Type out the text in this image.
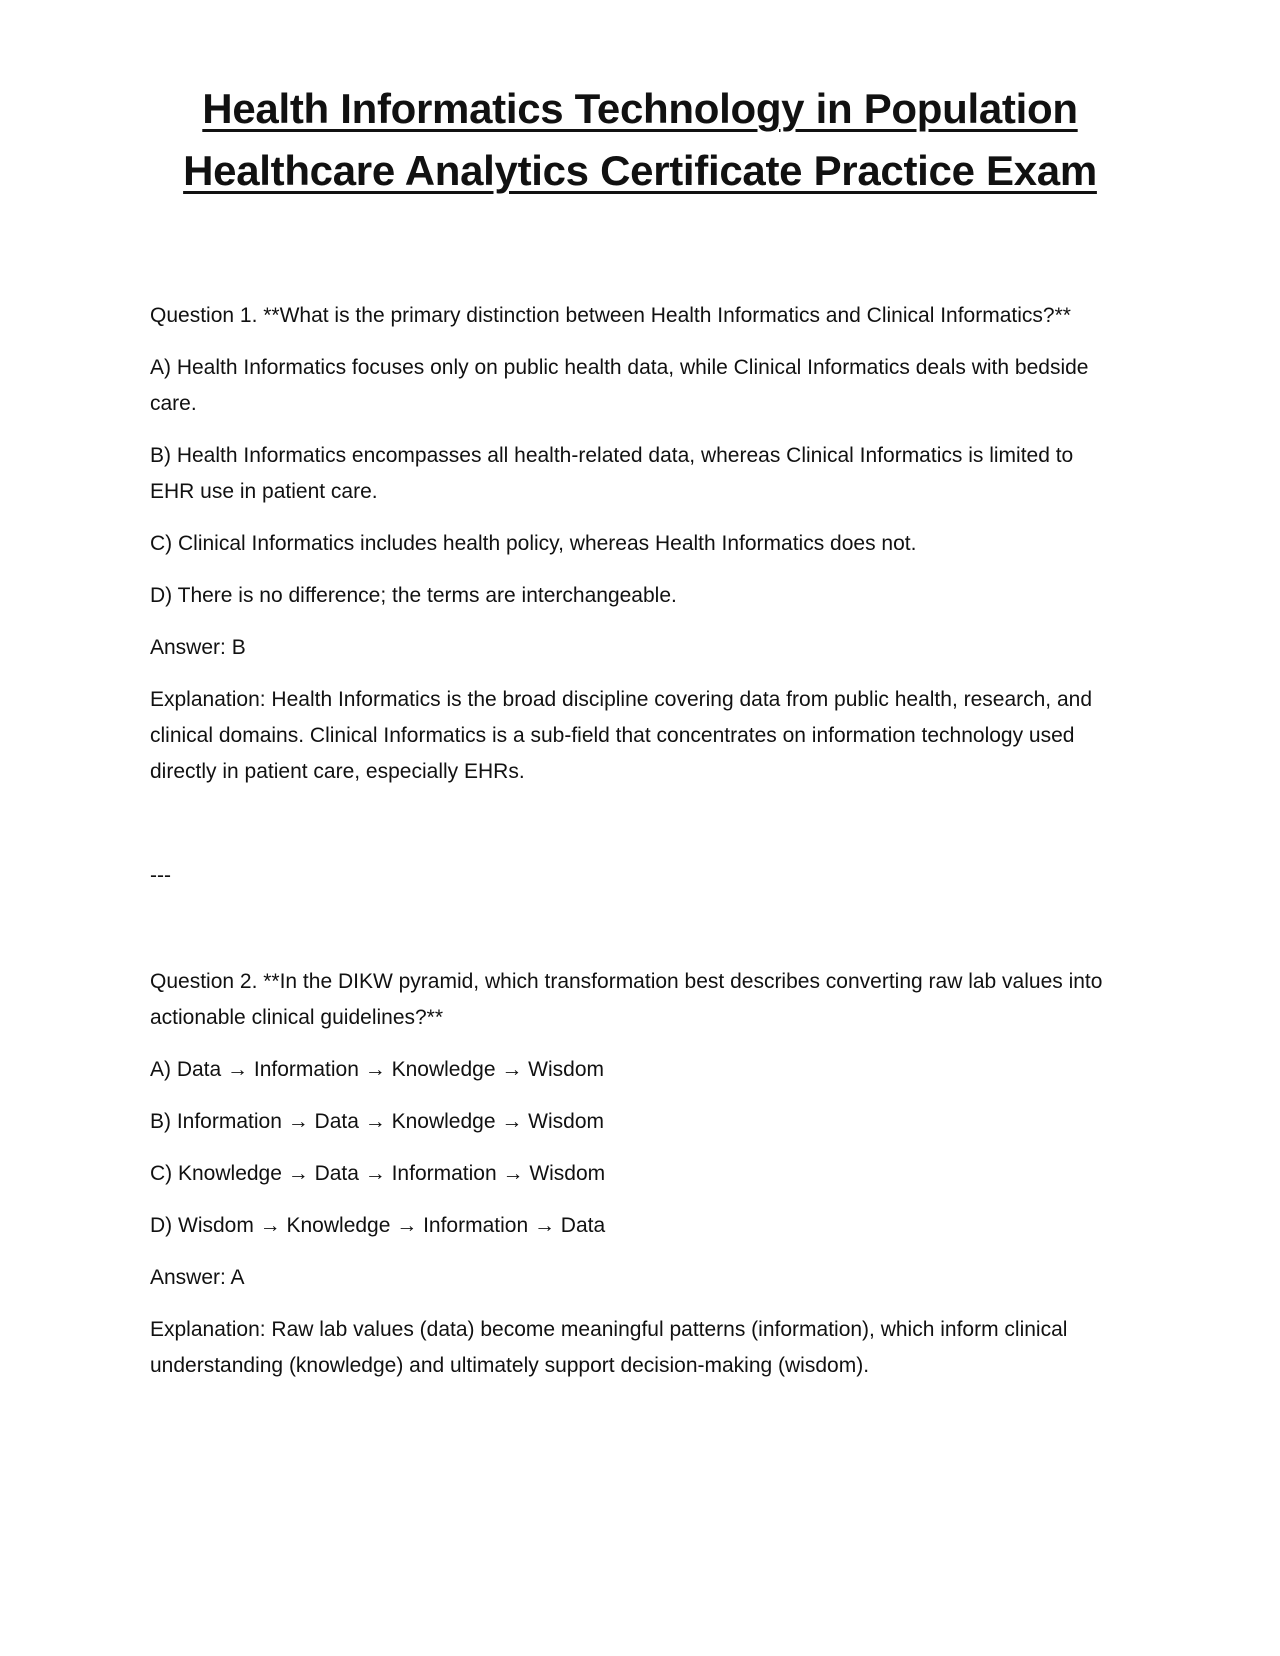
Health Informatics Technology in Population
Healthcare Analytics Certificate Practice Exam

Question 1. **What is the primary distinction between Health Informatics and Clinical Informatics?**

A) Health Informatics focuses only on public health data, while Clinical Informatics deals with bedside care.

B) Health Informatics encompasses all health-related data, whereas Clinical Informatics is limited to EHR use in patient care.

C) Clinical Informatics includes health policy, whereas Health Informatics does not.

D) There is no difference; the terms are interchangeable.

Answer: B

Explanation: Health Informatics is the broad discipline covering data from public health, research, and clinical domains. Clinical Informatics is a sub-field that concentrates on information technology used directly in patient care, especially EHRs.

---

Question 2. **In the DIKW pyramid, which transformation best describes converting raw lab values into actionable clinical guidelines?**

A) Data → Information → Knowledge → Wisdom

B) Information → Data → Knowledge → Wisdom

C) Knowledge → Data → Information → Wisdom

D) Wisdom → Knowledge → Information → Data

Answer: A

Explanation: Raw lab values (data) become meaningful patterns (information), which inform clinical understanding (knowledge) and ultimately support decision-making (wisdom).
